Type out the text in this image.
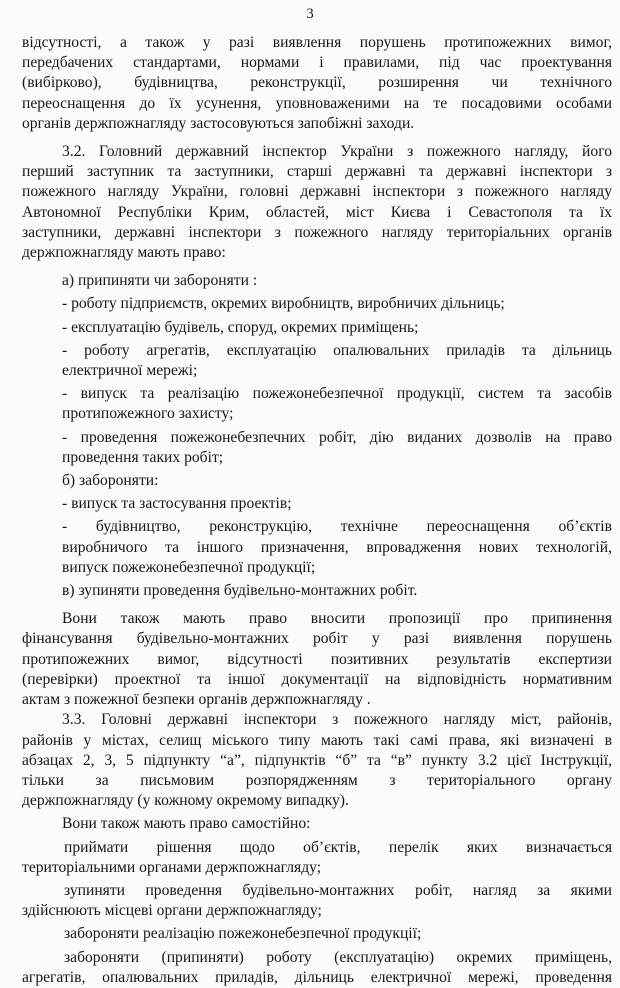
3

відсутності, а також у разі виявлення порушень протипожежних вимог,

передбачених стандартами, нормами і правилами, під час проектування

(вибірково), будівництва, реконструкції, розширення чи технічного

переоснащення до їх усунення, уповноваженими на те посадовими особами

органів держпожнагляду застосовуються запобіжні заходи.

3.2. Головний державний інспектор України з пожежного нагляду, його

перший заступник та заступники, старші державні та державні інспектори з

пожежного нагляду України, головні державні інспектори з пожежного нагляду

Автономної Республіки Крим, областей, міст Києва і Севастополя та їх

заступники, державні інспектори з пожежного нагляду територіальних органів

держпожнагляду мають право:

а) припиняти чи забороняти :

- роботу підприємств, окремих виробництв, виробничих дільниць;

- експлуатацію будівель, споруд, окремих приміщень;

- роботу агрегатів, експлуатацію опалювальних приладів та дільниць

електричної мережі;

- випуск та реалізацію пожежонебезпечної продукції, систем та засобів

протипожежного захисту;

- проведення пожежонебезпечних робіт, дію виданих дозволів на право

проведення таких робіт;

б) забороняти:

- випуск та застосування проектів;

- будівництво, реконструкцію, технічне переоснащення об’єктів

виробничого та іншого призначення, впровадження нових технологій,

випуск пожежонебезпечної продукції;

в) зупиняти проведення будівельно-монтажних робіт.

Вони також мають право вносити пропозиції про припинення

фінансування будівельно-монтажних робіт у разі виявлення порушень

протипожежних вимог, відсутності позитивних результатів експертизи

(перевірки) проектної та іншої документації на відповідність нормативним

актам з пожежної безпеки органів держпожнагляду .

3.3. Головні державні інспектори з пожежного нагляду міст, районів,

районів у містах, селищ міського типу мають такі самі права, які визначені в

абзацах 2, 3, 5 підпункту “а”, підпунктів “б” та “в” пункту 3.2 цієї Інструкції,

тільки за письмовим розпорядженням з територіального органу

держпожнагляду (у кожному окремому випадку).

Вони також мають право самостійно:

приймати рішення щодо об’єктів, перелік яких визначається

територіальними органами держпожнагляду;

зупиняти проведення будівельно-монтажних робіт, нагляд за якими

здійснюють місцеві органи держпожнагляду;

забороняти реалізацію пожежонебезпечної продукції;

забороняти (припиняти) роботу (експлуатацію) окремих приміщень,

агрегатів, опалювальних приладів, дільниць електричної мережі, проведення
